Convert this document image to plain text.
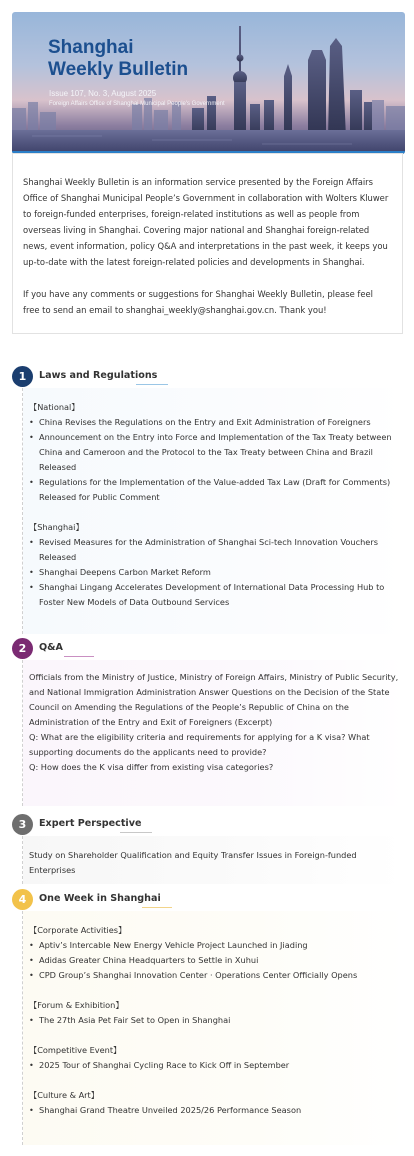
Shanghai
Weekly Bulletin
Issue 107, No. 3, August 2025
Foreign Affairs Office of Shanghai Municipal People's Government

Shanghai Weekly Bulletin is an information service presented by the Foreign Affairs Office of Shanghai Municipal People’s Government in collaboration with Wolters Kluwer to foreign-funded enterprises, foreign-related institutions as well as people from overseas living in Shanghai. Covering major national and Shanghai foreign-related news, event information, policy Q&A and interpretations in the past week, it keeps you up-to-date with the latest foreign-related policies and developments in Shanghai.

If you have any comments or suggestions for Shanghai Weekly Bulletin, please feel free to send an email to shanghai_weekly@shanghai.gov.cn. Thank you!

1	Laws and Regulations

【National】

• China Revises the Regulations on the Entry and Exit Administration of Foreigners
• Announcement on the Entry into Force and Implementation of the Tax Treaty between China and Cameroon and the Protocol to the Tax Treaty between China and Brazil Released
• Regulations for the Implementation of the Value-added Tax Law (Draft for Comments) Released for Public Comment

【Shanghai】

• Revised Measures for the Administration of Shanghai Sci-tech Innovation Vouchers Released
• Shanghai Deepens Carbon Market Reform
• Shanghai Lingang Accelerates Development of International Data Processing Hub to Foster New Models of Data Outbound Services
2	Q&A

Officials from the Ministry of Justice, Ministry of Foreign Affairs, Ministry of Public Security, and National Immigration Administration Answer Questions on the Decision of the State Council on Amending the Regulations of the People’s Republic of China on the Administration of the Entry and Exit of Foreigners (Excerpt)

Q: What are the eligibility criteria and requirements for applying for a K visa? What supporting documents do the applicants need to provide?

Q: How does the K visa differ from existing visa categories?

3	Expert Perspective

Study on Shareholder Qualification and Equity Transfer Issues in Foreign-funded Enterprises

4	One Week in Shanghai

【Corporate Activities】

• Aptiv’s Intercable New Energy Vehicle Project Launched in Jiading
• Adidas Greater China Headquarters to Settle in Xuhui
• CPD Group’s Shanghai Innovation Center · Operations Center Officially Opens

【Forum & Exhibition】

• The 27th Asia Pet Fair Set to Open in Shanghai

【Competitive Event】

• 2025 Tour of Shanghai Cycling Race to Kick Off in September

【Culture & Art】

• Shanghai Grand Theatre Unveiled 2025/26 Performance Season
